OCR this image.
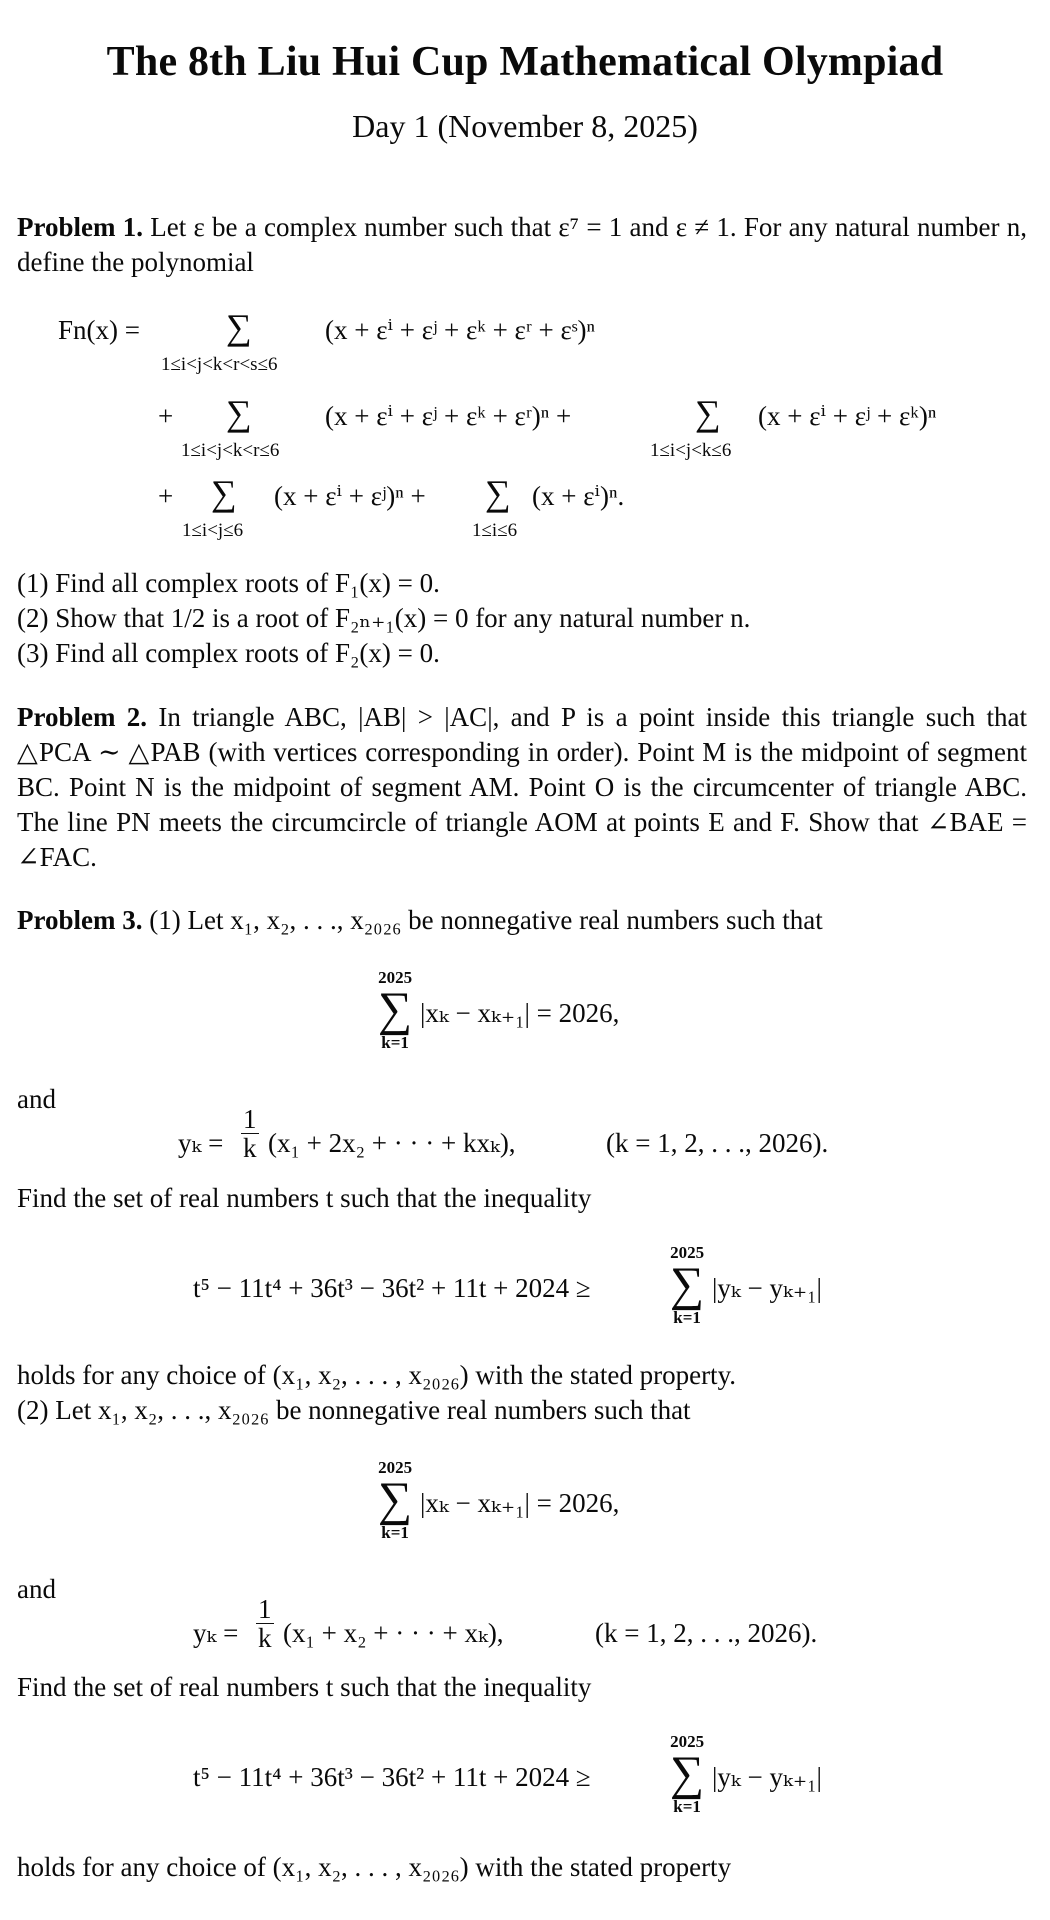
The 8th Liu Hui Cup Mathematical Olympiad
Day 1 (November 8, 2025)
Problem 1. Let ε be a complex number such that ε⁷ = 1 and ε ≠ 1. For any natural number n, define the polynomial
Fn(x) = ∑
1≤i<j<k<r<s≤6
(x + εⁱ + εʲ + εᵏ + εʳ + εˢ)ⁿ
+ ∑
1≤i<j<k<r≤6
(x + εⁱ + εʲ + εᵏ + εʳ)ⁿ +	∑
1≤i<j<k≤6
(x + εⁱ + εʲ + εᵏ)ⁿ
+ ∑
1≤i<j≤6
(x + εⁱ + εʲ)ⁿ + ∑
1≤i≤6
(x + εⁱ)ⁿ.
(1) Find all complex roots of F₁(x) = 0.
(2) Show that 1/2 is a root of F₂ₙ₊₁(x) = 0 for any natural number n.
(3) Find all complex roots of F₂(x) = 0.
Problem 2. In triangle ABC, |AB| > |AC|, and P is a point inside this triangle such that △PCA ∼ △PAB (with vertices corresponding in order). Point M is the midpoint of segment BC. Point N is the midpoint of segment AM. Point O is the circumcenter of triangle ABC. The line PN meets the circumcircle of triangle AOM at points E and F. Show that ∠BAE = ∠FAC.
Problem 3. (1) Let x₁, x₂, . . ., x₂₀₂₆ be nonnegative real numbers such that
2025
∑
k=1
|xₖ − xₖ₊₁| = 2026,
and
$y_k = \frac{1}{k} (x_1 + 2x_2$ + · · · + kxₖ),	(k = 1, 2, . . ., 2026).
Find the set of real numbers t such that the inequality
t⁵ − 11t⁴ + 36t³ − 36t² + 11t + 2024 ≥
2025
∑
k=1
|yₖ − yₖ₊₁|
holds for any choice of (x₁, x₂, . . . , x₂₀₂₆) with the stated property.
(2) Let x₁, x₂, . . ., x₂₀₂₆ be nonnegative real numbers such that
2025
∑
k=1
|xₖ − xₖ₊₁| = 2026,
and
$y_k = \frac{1}{k} (x_1 + x_2$ + · · · + xₖ),	(k = 1, 2, . . ., 2026).
Find the set of real numbers t such that the inequality
t⁵ − 11t⁴ + 36t³ − 36t² + 11t + 2024 ≥
2025
∑
k=1
|yₖ − yₖ₊₁|
holds for any choice of (x₁, x₂, . . . , x₂₀₂₆) with the stated property
